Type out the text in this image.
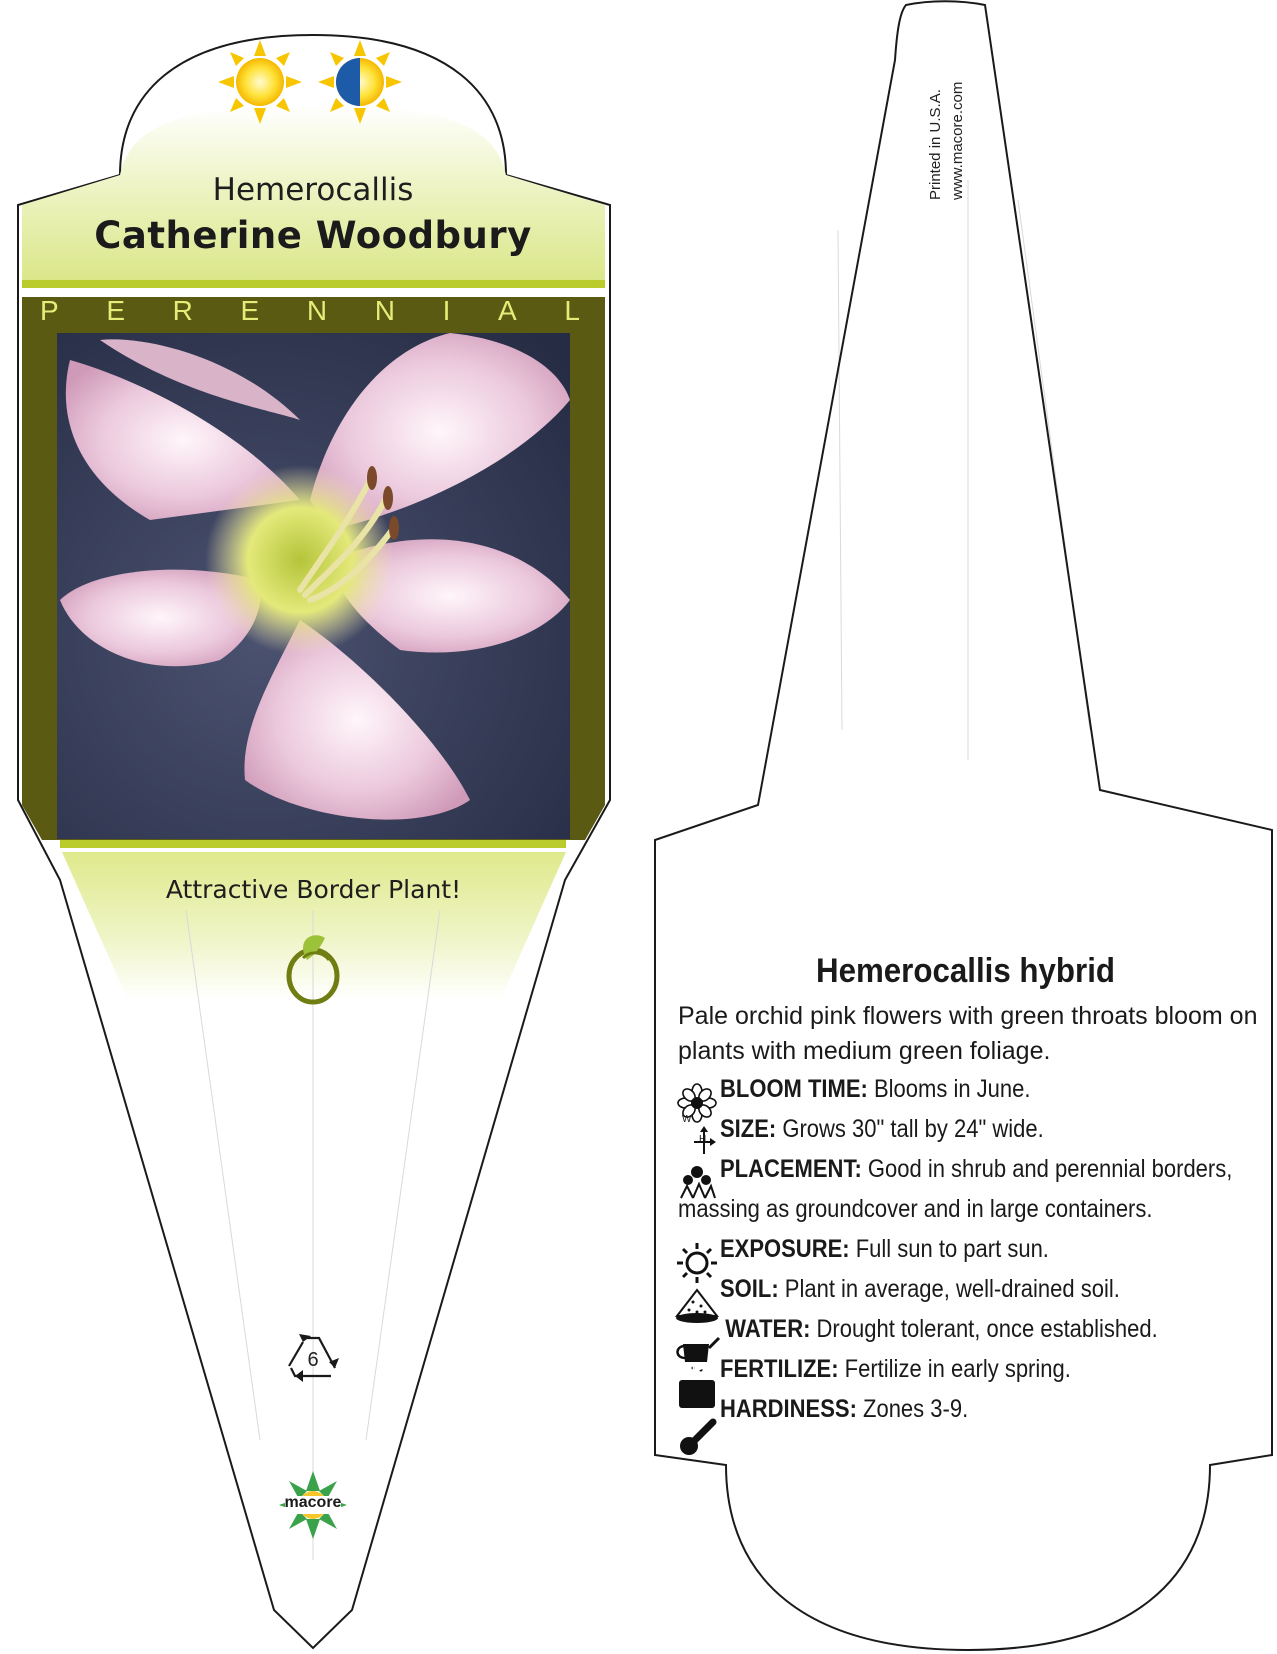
Hemerocallis
Catherine Woodbury
P E R E N N I A L
Attractive Border Plant!
6
macore
Printed in U.S.A. www.macore.com
Hemerocallis hybrid
Pale orchid pink flowers with green throats bloom on plants with medium green foliage.
BLOOM TIME: Blooms in June.
W
H SIZE: Grows 30" tall by 24" wide.
PLACEMENT: Good in shrub and perennial borders,
massing as groundcover and in large containers.
EXPOSURE: Full sun to part sun.
SOIL: Plant in average, well-drained soil.
WATER: Drought tolerant, once established.
NPK FERTILIZE: Fertilize in early spring.
HARDINESS: Zones 3-9.
